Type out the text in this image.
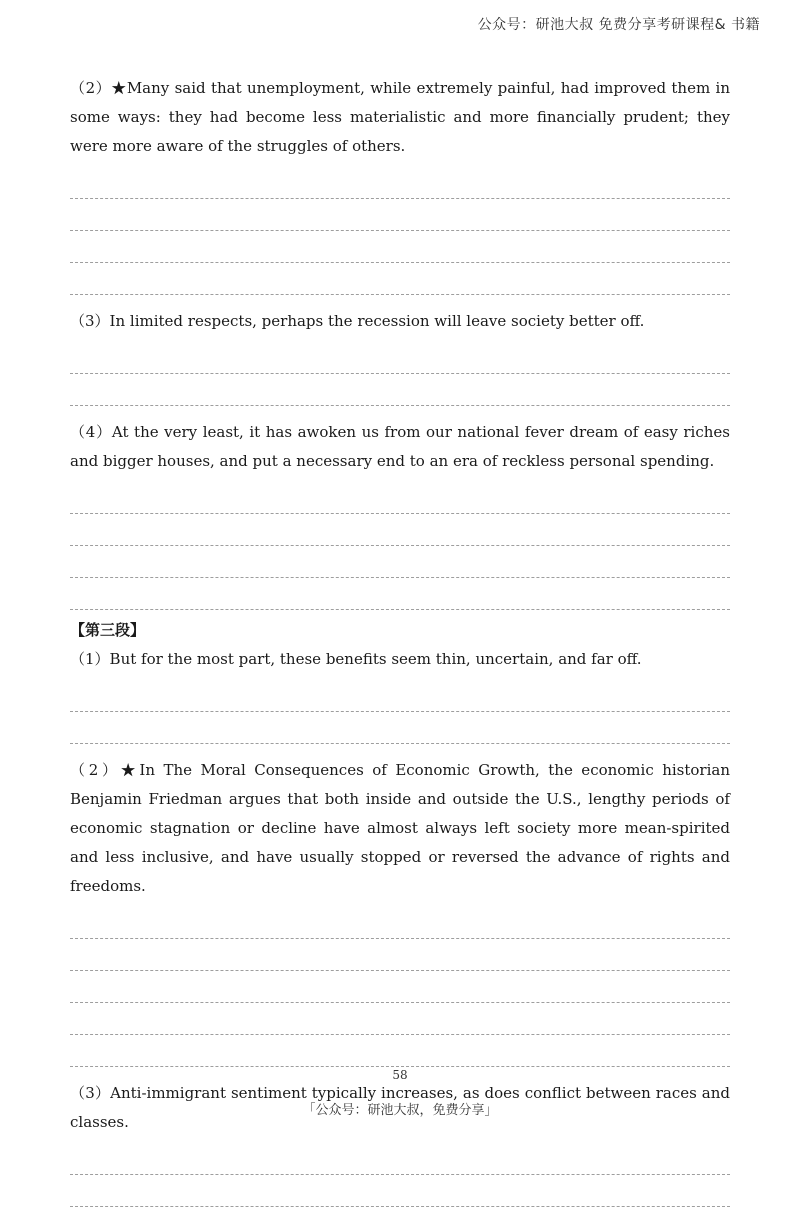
公众号：研池大叔 免费分享考研课程& 书籍

（2）★Many said that unemployment, while extremely painful, had improved them in some ways: they had become less materialistic and more financially prudent; they were more aware of the struggles of others.

（3）In limited respects, perhaps the recession will leave society better off.

（4）At the very least, it has awoken us from our national fever dream of easy riches and bigger houses, and put a necessary end to an era of reckless personal spending.

【第三段】

（1）But for the most part, these benefits seem thin, uncertain, and far off.

（2）★In The Moral Consequences of Economic Growth, the economic historian Benjamin Friedman argues that both inside and outside the U.S., lengthy periods of economic stagnation or decline have almost always left society more mean-spirited and less inclusive, and have usually stopped or reversed the advance of rights and freedoms.

（3）Anti-immigrant sentiment typically increases, as does conflict between races and classes.

58
「公众号：研池大叔，免费分享」
